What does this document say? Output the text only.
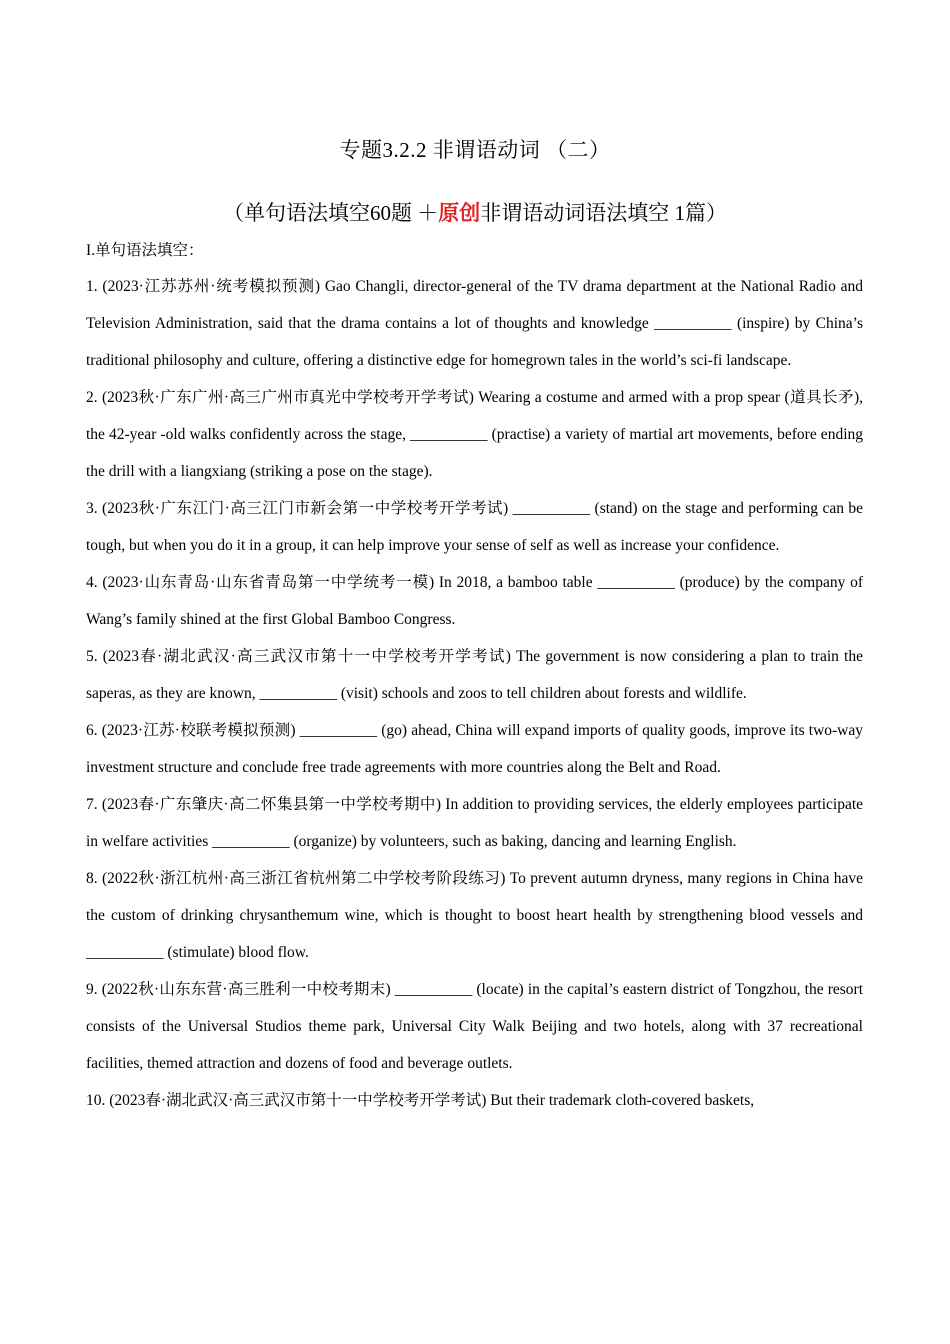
专题3.2.2 非谓语动词 （二）
（单句语法填空60题 ＋原创非谓语动词语法填空 1篇）

I.单句语法填空：

1. (2023·江苏苏州·统考模拟预测) Gao Changli, director-general of the TV drama department at the National Radio and Television Administration, said that the drama contains a lot of thoughts and knowledge __________ (inspire) by China’s traditional philosophy and culture, offering a distinctive edge for homegrown tales in the world’s sci-fi landscape.

2. (2023秋·广东广州·高三广州市真光中学校考开学考试) Wearing a costume and armed with a prop spear (道具长矛), the 42-year -old walks confidently across the stage, __________ (practise) a variety of martial art movements, before ending the drill with a liangxiang (striking a pose on the stage).

3. (2023秋·广东江门·高三江门市新会第一中学校考开学考试) __________ (stand) on the stage and performing can be tough, but when you do it in a group, it can help improve your sense of self as well as increase your confidence.

4. (2023·山东青岛·山东省青岛第一中学统考一模) In 2018, a bamboo table __________ (produce) by the company of Wang’s family shined at the first Global Bamboo Congress.

5. (2023春·湖北武汉·高三武汉市第十一中学校考开学考试) The government is now considering a plan to train the saperas, as they are known, __________ (visit) schools and zoos to tell children about forests and wildlife.

6. (2023·江苏·校联考模拟预测) __________ (go) ahead, China will expand imports of quality goods, improve its two-way investment structure and conclude free trade agreements with more countries along the Belt and Road.

7. (2023春·广东肇庆·高二怀集县第一中学校考期中) In addition to providing services, the elderly employees participate in welfare activities __________ (organize) by volunteers, such as baking, dancing and learning English.

8. (2022秋·浙江杭州·高三浙江省杭州第二中学校考阶段练习) To prevent autumn dryness, many regions in China have the custom of drinking chrysanthemum wine, which is thought to boost heart health by strengthening blood vessels and __________ (stimulate) blood flow.

9. (2022秋·山东东营·高三胜利一中校考期末) __________ (locate) in the capital’s eastern district of Tongzhou, the resort consists of the Universal Studios theme park, Universal City Walk Beijing and two hotels, along with 37 recreational facilities, themed attraction and dozens of food and beverage outlets.

10. (2023春·湖北武汉·高三武汉市第十一中学校考开学考试) But their trademark cloth-covered baskets,
